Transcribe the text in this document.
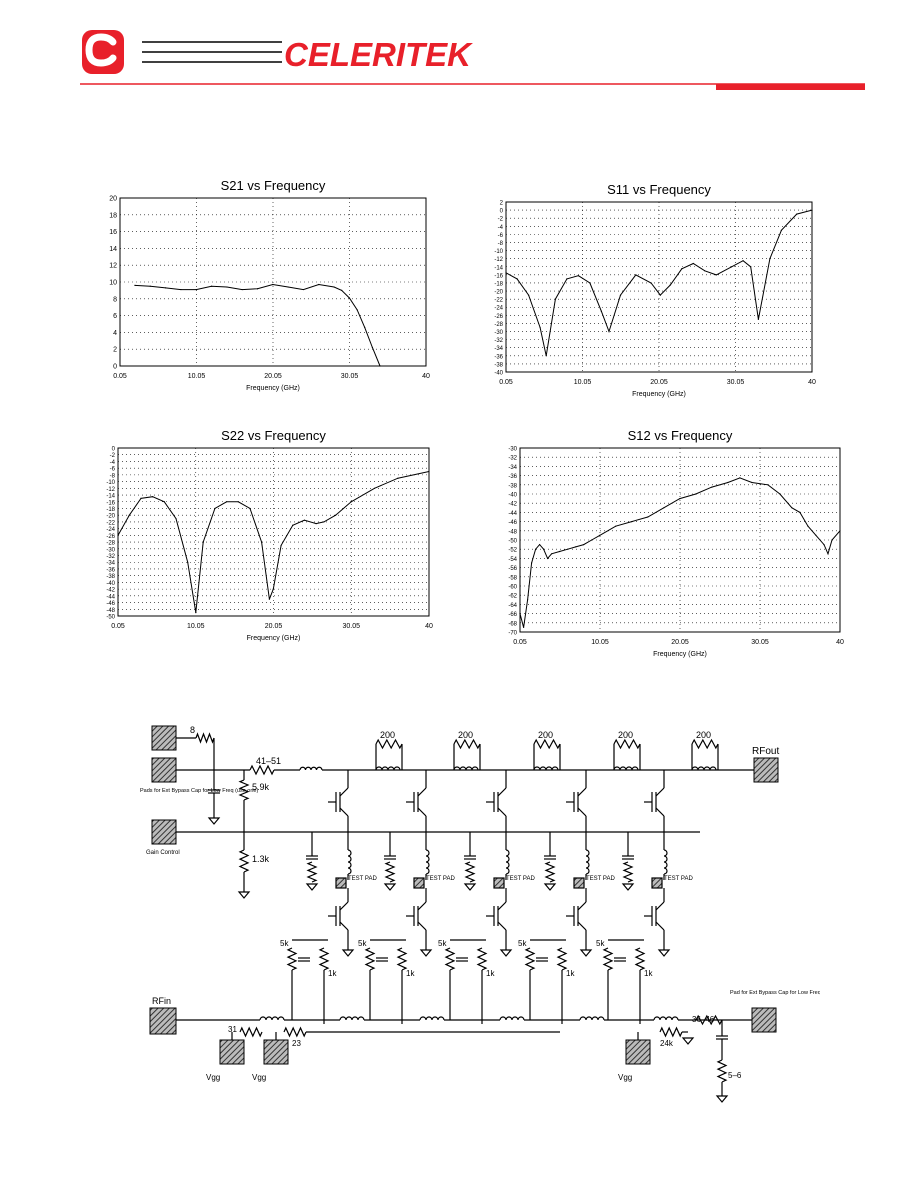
CELERITEK
S21 vs Frequency
0
2
4
6
8
10
12
14
16
18
20
0.05	10.05	20.05	30.05	40
Frequency (GHz)
S11 vs Frequency
-40
-38
-36
-34
-32
-30
-28
-26
-24
-22
-20
-18
-16
-14
-12
-10
-8
-6
-4
-2
0
2
0.05	10.05	20.05	30.05	40
Frequency (GHz)
S22 vs Frequency
-50
-48
-46
-44
-42
-40
-38
-36
-34
-32
-30
-28
-26
-24
-22
-20
-18
-16
-14
-12
-10
-8
-6
-4
-2
0
0.05	10.05	20.05	30.05	40
Frequency (GHz)
S12 vs Frequency
-70
-68
-66
-64
-62
-60
-58
-56
-54
-52
-50
-48
-46
-44
-42
-40
-38
-36
-34
-32
-30
0.05	10.05	20.05	30.05	40
Frequency (GHz)
8
41–51
5.9k
1.3k
Pads for Ext Bypass Cap for Low Freq (use one)
Gain Control
RFout
RFin
31
23	24k
36–46
5–6
Vgg	Vgg	Vgg
Pad for Ext Bypass Cap for Low Freq
200
TEST PAD
5k
1k
200
TEST PAD
5k
1k
200
TEST PAD
5k
1k
200
TEST PAD
5k
1k
200
TEST PAD
5k
1k
